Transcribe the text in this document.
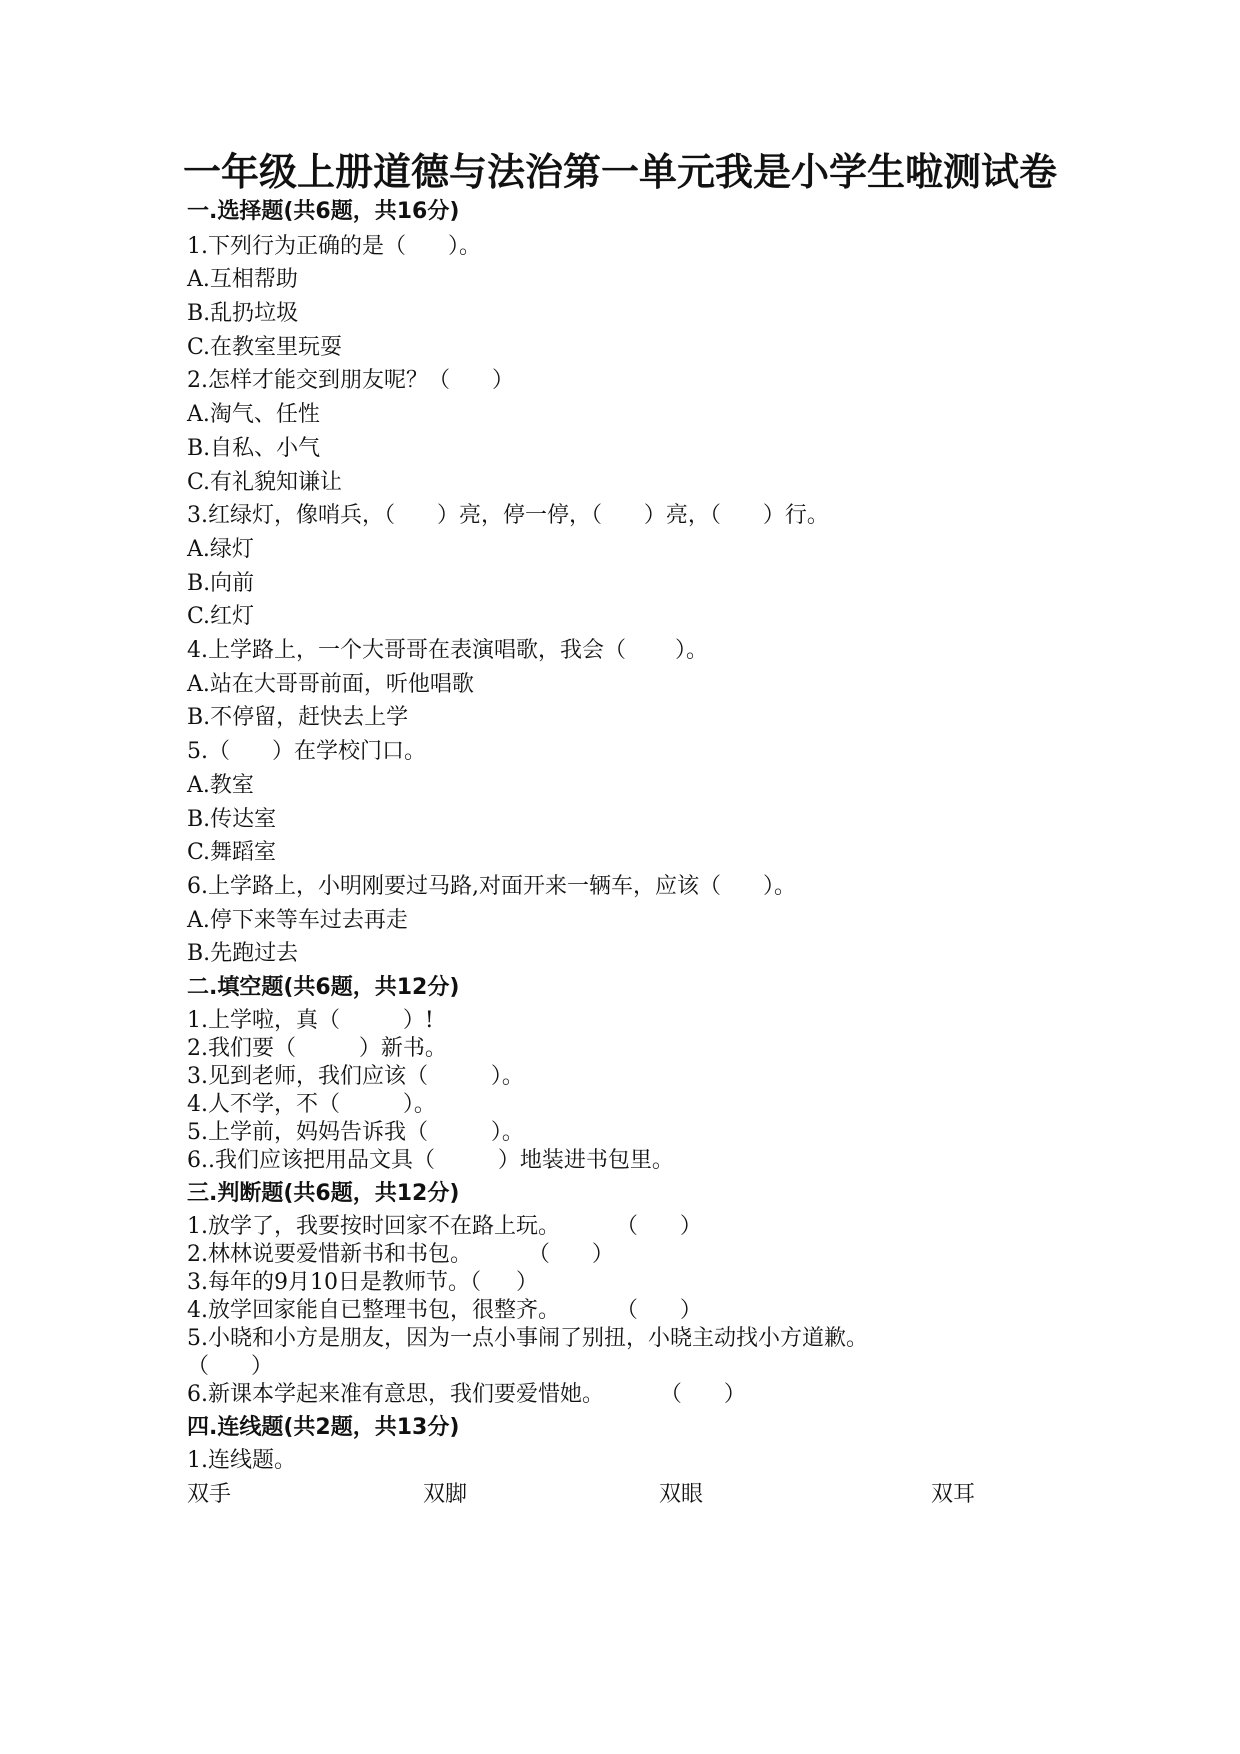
一年级上册道德与法治第一单元我是小学生啦测试卷
一.选择题(共6题，共16分)
1.下列行为正确的是（      ）。
A.互相帮助
B.乱扔垃圾
C.在教室里玩耍
2.怎样才能交到朋友呢？（      ）
A.淘气、任性
B.自私、小气
C.有礼貌知谦让
3.红绿灯，像哨兵，（      ）亮，停一停，（      ）亮，（      ）行。
A.绿灯
B.向前
C.红灯
4.上学路上，一个大哥哥在表演唱歌，我会（       ）。
A.站在大哥哥前面，听他唱歌
B.不停留，赶快去上学
5.（      ）在学校门口。
A.教室
B.传达室
C.舞蹈室
6.上学路上，小明刚要过马路,对面开来一辆车，应该（      ）。
A.停下来等车过去再走
B.先跑过去
二.填空题(共6题，共12分)
1.上学啦，真（         ）!
2.我们要（         ）新书。
3.见到老师，我们应该（         ）。
4.人不学，不（         ）。
5.上学前，妈妈告诉我（         ）。
6..我们应该把用品文具（         ）地装进书包里。
三.判断题(共6题，共12分)
1.放学了，我要按时回家不在路上玩。        （      ）
2.林林说要爱惜新书和书包。        （      ）
3.每年的9月10日是教师节。（     ）
4.放学回家能自已整理书包，很整齐。        （      ）
5.小晓和小方是朋友，因为一点小事闹了别扭，小晓主动找小方道歉。
（      ）
6.新课本学起来准有意思，我们要爱惜她。        （      ）
四.连线题(共2题，共13分)
1.连线题。
双手	双脚	双眼	双耳
